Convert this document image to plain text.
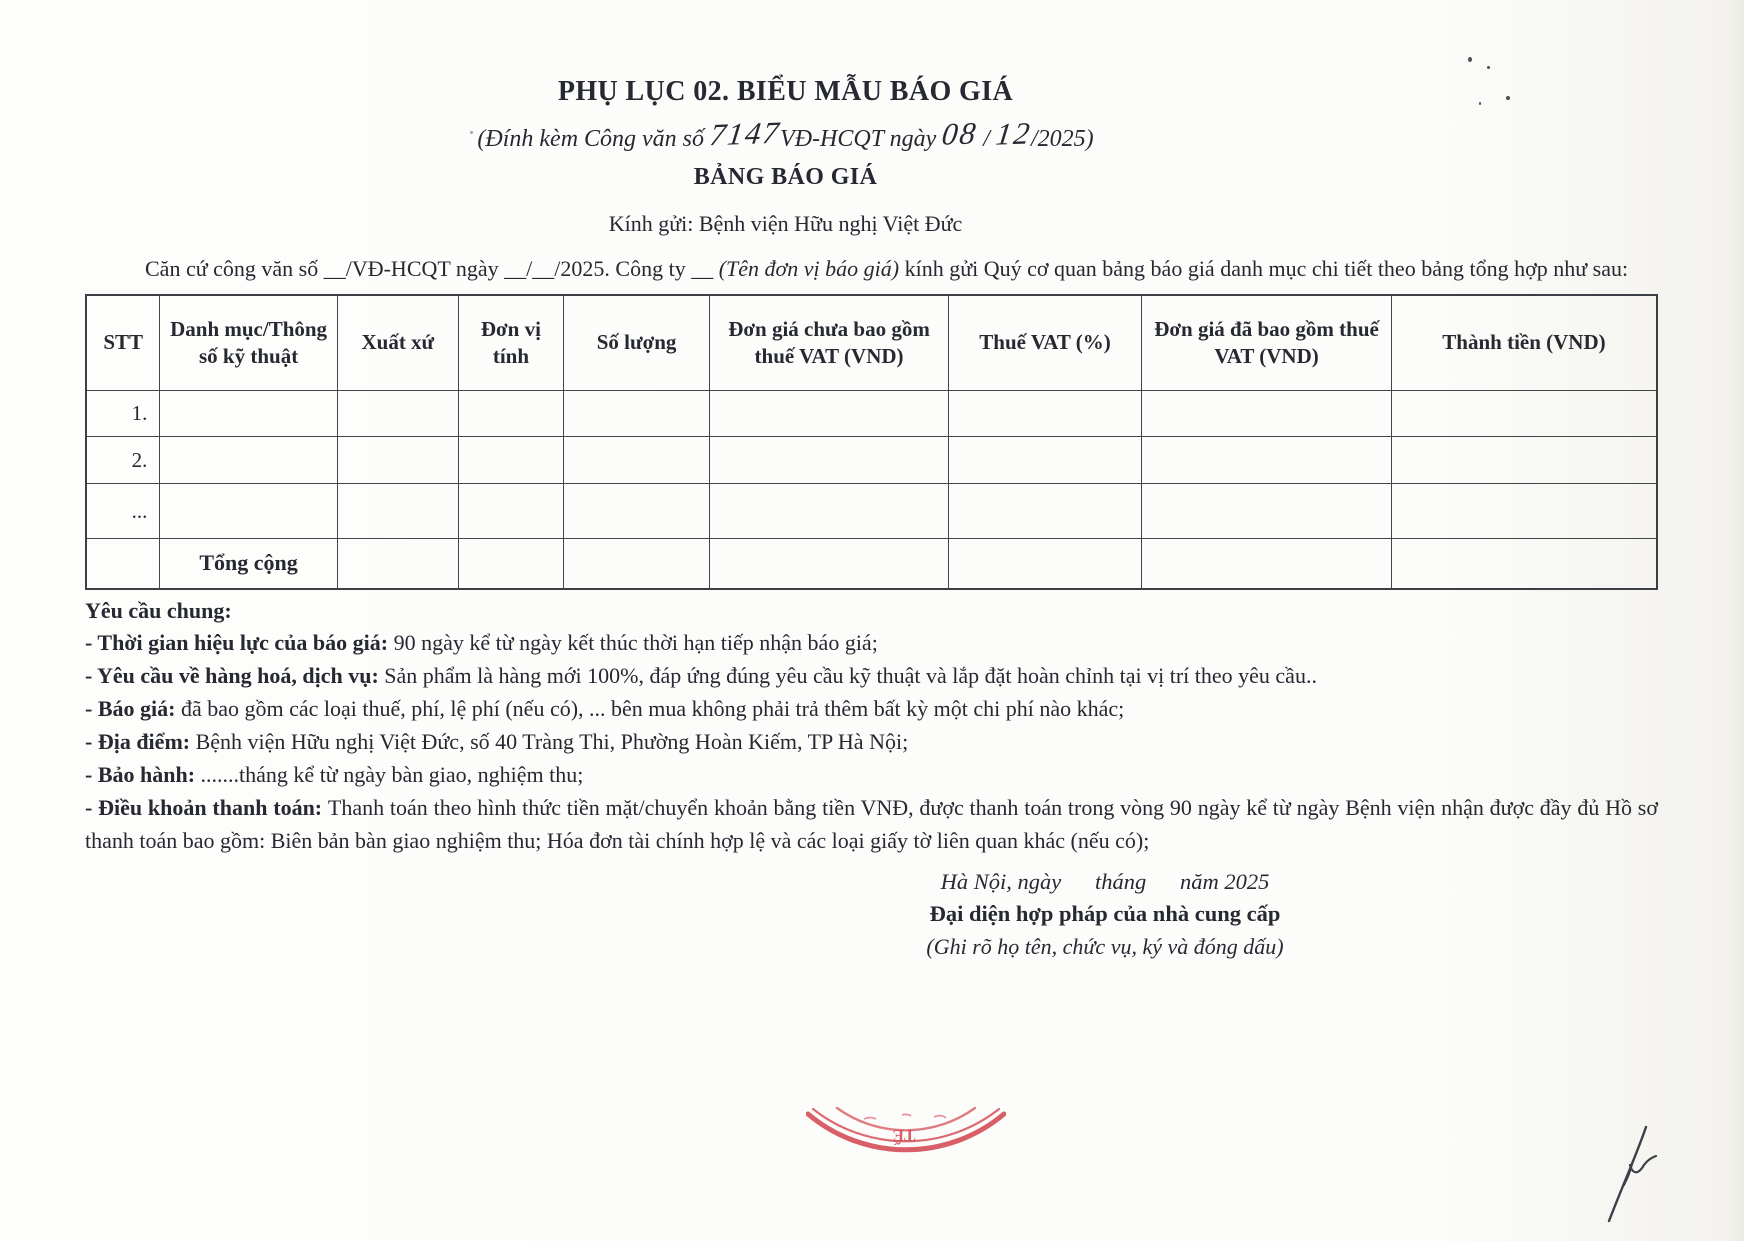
PHỤ LỤC 02. BIỂU MẪU BÁO GIÁ

(Đính kèm Công văn số 7147VĐ-HCQT ngày 08 / 12/2025)

BẢNG BÁO GIÁ

Kính gửi: Bệnh viện Hữu nghị Việt Đức

Căn cứ công văn số __/VĐ-HCQT ngày __/__/2025. Công ty __ (Tên đơn vị báo giá) kính gửi Quý cơ quan bảng báo giá danh mục chi tiết theo bảng tổng hợp như sau:

STT	Danh mục/Thông số kỹ thuật	Xuất xứ	Đơn vị tính	Số lượng	Đơn giá chưa bao gồm thuế VAT (VND)	Thuế VAT (%)	Đơn giá đã bao gồm thuế VAT (VND)	Thành tiền (VND)
1.								
2.								
...								
	Tổng cộng							

Yêu cầu chung:

- Thời gian hiệu lực của báo giá: 90 ngày kể từ ngày kết thúc thời hạn tiếp nhận báo giá;

- Yêu cầu về hàng hoá, dịch vụ: Sản phẩm là hàng mới 100%, đáp ứng đúng yêu cầu kỹ thuật và lắp đặt hoàn chỉnh tại vị trí theo yêu cầu..

- Báo giá: đã bao gồm các loại thuế, phí, lệ phí (nếu có), ... bên mua không phải trả thêm bất kỳ một chi phí nào khác;

- Địa điểm: Bệnh viện Hữu nghị Việt Đức, số 40 Tràng Thi, Phường Hoàn Kiếm, TP Hà Nội;

- Bảo hành: .......tháng kể từ ngày bàn giao, nghiệm thu;

- Điều khoản thanh toán: Thanh toán theo hình thức tiền mặt/chuyển khoản bằng tiền VNĐ, được thanh toán trong vòng 90 ngày kể từ ngày Bệnh viện nhận được đầy đủ Hồ sơ thanh toán bao gồm: Biên bản bàn giao nghiệm thu; Hóa đơn tài chính hợp lệ và các loại giấy tờ liên quan khác (nếu có);

Hà Nội, ngày      tháng      năm 2025

Đại diện hợp pháp của nhà cung cấp

(Ghi rõ họ tên, chức vụ, ký và đóng dấu)

TẾ
